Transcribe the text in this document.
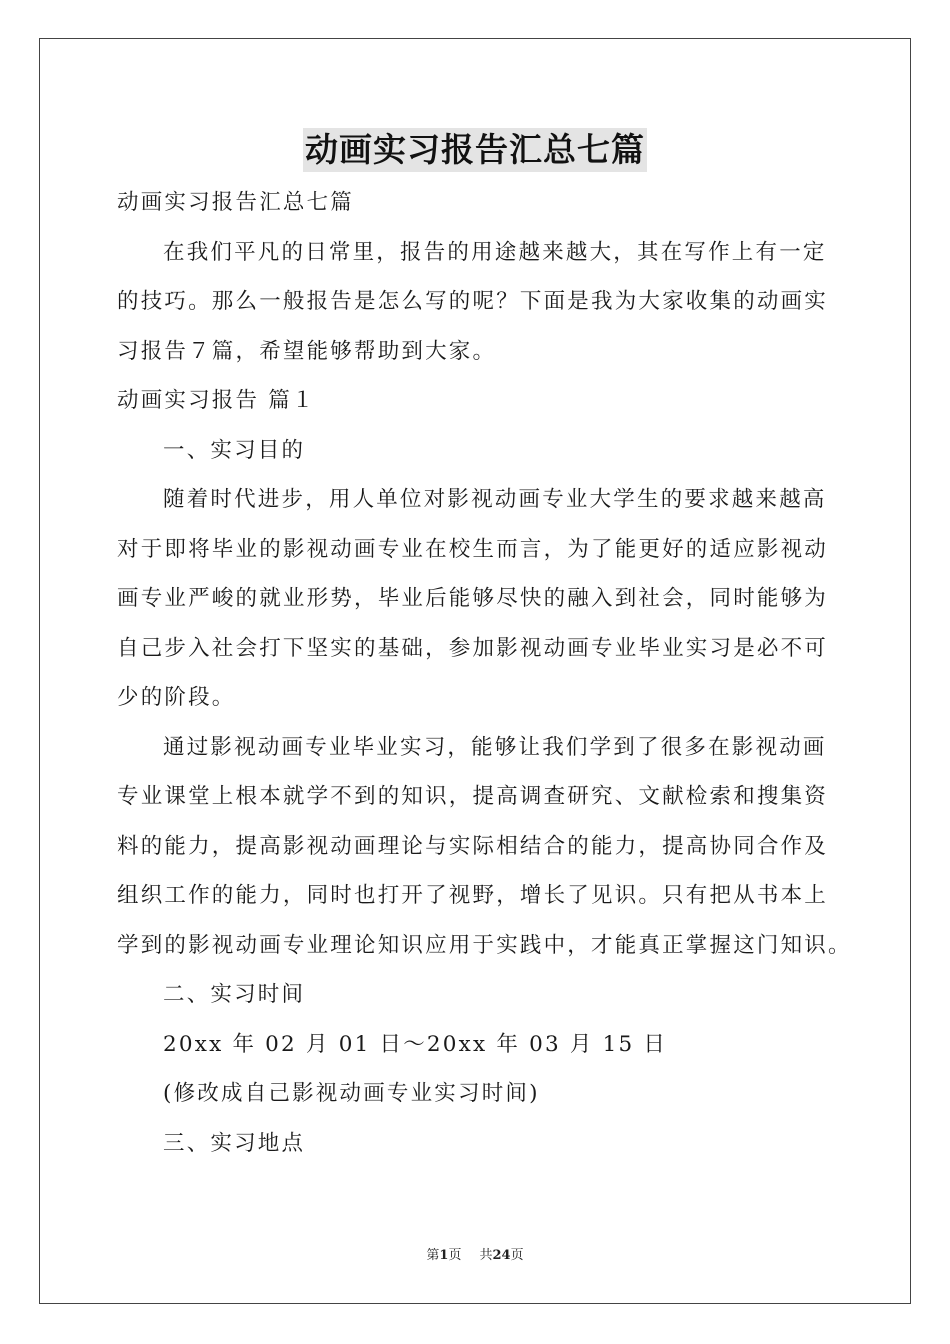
动画实习报告汇总七篇

动画实习报告汇总七篇

在我们平凡的日常里，报告的用途越来越大，其在写作上有一定

的技巧。那么一般报告是怎么写的呢？下面是我为大家收集的动画实

习报告７篇，希望能够帮助到大家。

动画实习报告 篇１

一、实习目的

随着时代进步，用人单位对影视动画专业大学生的要求越来越高

对于即将毕业的影视动画专业在校生而言，为了能更好的适应影视动

画专业严峻的就业形势，毕业后能够尽快的融入到社会，同时能够为

自己步入社会打下坚实的基础，参加影视动画专业毕业实习是必不可

少的阶段。

通过影视动画专业毕业实习，能够让我们学到了很多在影视动画

专业课堂上根本就学不到的知识，提高调查研究、文献检索和搜集资

料的能力，提高影视动画理论与实际相结合的能力，提高协同合作及

组织工作的能力，同时也打开了视野，增长了见识。只有把从书本上

学到的影视动画专业理论知识应用于实践中，才能真正掌握这门知识。

二、实习时间

20xx 年 02 月 01 日～20xx 年 03 月 15 日

(修改成自己影视动画专业实习时间)

三、实习地点

第1页 共24页
